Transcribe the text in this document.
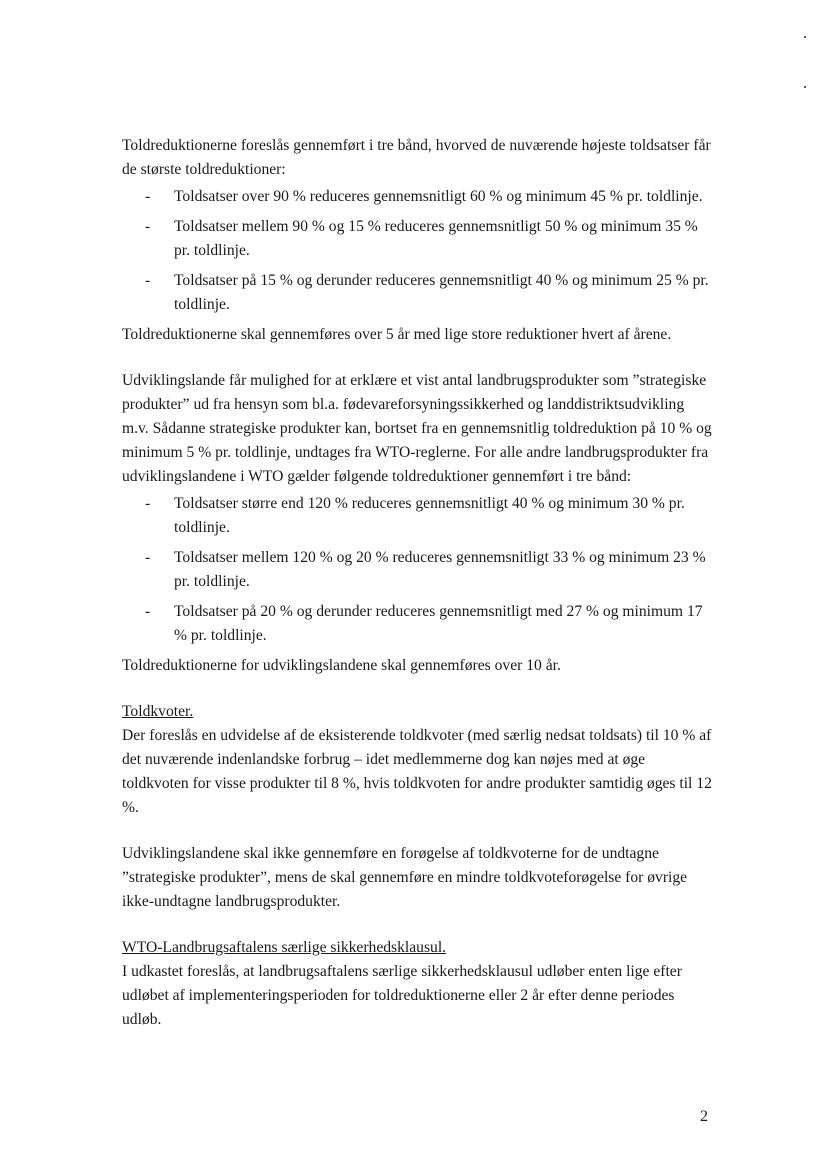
Toldreduktionerne foreslås gennemført i tre bånd, hvorved de nuværende højeste toldsatser får de største toldreduktioner:

- Toldsatser over 90 % reduceres gennemsnitligt 60 % og minimum 45 % pr. toldlinje.
- Toldsatser mellem 90 % og 15 % reduceres gennemsnitligt 50 % og minimum 35 % pr. toldlinje.
- Toldsatser på 15 % og derunder reduceres gennemsnitligt 40 % og minimum 25 % pr. toldlinje.

Toldreduktionerne skal gennemføres over 5 år med lige store reduktioner hvert af årene.

Udviklingslande får mulighed for at erklære et vist antal landbrugsprodukter som ”strategiske produkter” ud fra hensyn som bl.a. fødevareforsyningssikkerhed og landdistriktsudvikling m.v. Sådanne strategiske produkter kan, bortset fra en gennemsnitlig toldreduktion på 10 % og minimum 5 % pr. toldlinje, undtages fra WTO-reglerne. For alle andre landbrugsprodukter fra udviklingslandene i WTO gælder følgende toldreduktioner gennemført i tre bånd:

- Toldsatser større end 120 % reduceres gennemsnitligt 40 % og minimum 30 % pr. toldlinje.
- Toldsatser mellem 120 % og 20 % reduceres gennemsnitligt 33 % og minimum 23 % pr. toldlinje.
- Toldsatser på 20 % og derunder reduceres gennemsnitligt med 27 % og minimum 17 % pr. toldlinje.

Toldreduktionerne for udviklingslandene skal gennemføres over 10 år.

Toldkvoter.

Der foreslås en udvidelse af de eksisterende toldkvoter (med særlig nedsat toldsats) til 10 % af det nuværende indenlandske forbrug – idet medlemmerne dog kan nøjes med at øge toldkvoten for visse produkter til 8 %, hvis toldkvoten for andre produkter samtidig øges til 12 %.

Udviklingslandene skal ikke gennemføre en forøgelse af toldkvoterne for de undtagne ”strategiske produkter”, mens de skal gennemføre en mindre toldkvoteforøgelse for øvrige ikke-undtagne landbrugsprodukter.

WTO-Landbrugsaftalens særlige sikkerhedsklausul.

I udkastet foreslås, at landbrugsaftalens særlige sikkerhedsklausul udløber enten lige efter udløbet af implementeringsperioden for toldreduktionerne eller 2 år efter denne periodes udløb.

2
